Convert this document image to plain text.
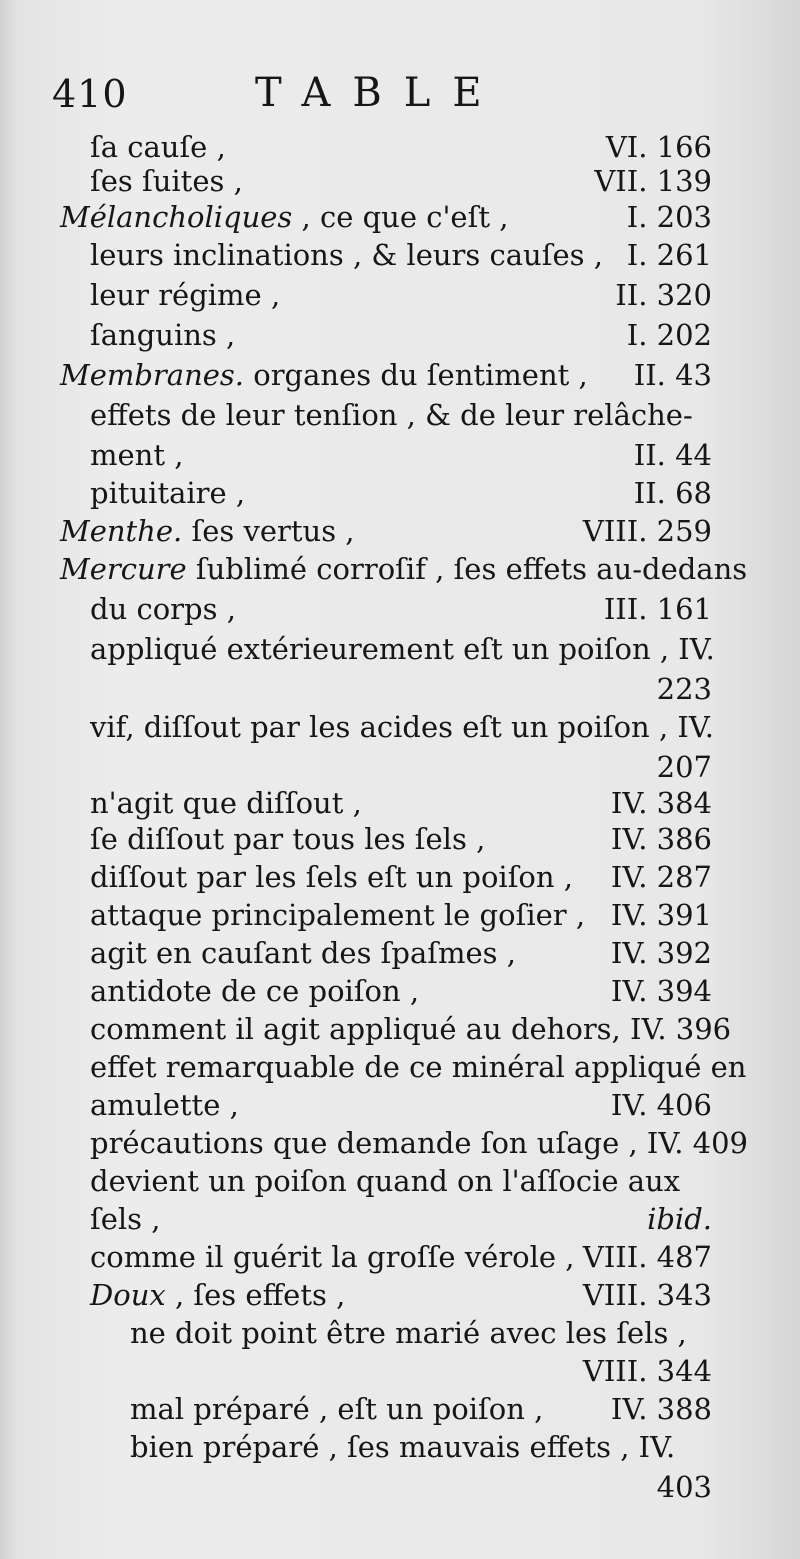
410	TABLE
ſa cauſe ,	VI. 166
ſes ſuites ,	VII. 139
Mélancholiques , ce que c'eſt ,	I. 203
leurs inclinations , & leurs cauſes , I. 261
leur régime ,	II. 320
ſanguins ,	I. 202
Membranes. organes du ſentiment , II. 43
effets de leur tenſion , & de leur relâche-
ment ,	II. 44
pituitaire ,	II. 68
Menthe. ſes vertus ,	VIII. 259
Mercure ſublimé corroſif , ſes effets au-dedans
du corps ,	III. 161
appliqué extérieurement eſt un poiſon , IV.
223
vif, diſſout par les acides eſt un poiſon , IV.
207
n'agit que diſſout ,	IV. 384
ſe diſſout par tous les ſels ,	IV. 386
diſſout par les ſels eſt un poiſon , IV. 287
attaque principalement le goſier , IV. 391
agit en cauſant des ſpaſmes ,	IV. 392
antidote de ce poiſon ,	IV. 394
comment il agit appliqué au dehors, IV. 396
effet remarquable de ce minéral appliqué en
amulette ,	IV. 406
précautions que demande ſon uſage , IV. 409
devient un poiſon quand on l'aſſocie aux
ſels ,	ibid.
comme il guérit la groſſe vérole , VIII. 487
Doux , ſes effets ,	VIII. 343
ne doit point être marié avec les ſels ,
VIII. 344
mal préparé , eſt un poiſon , IV. 388
bien préparé , ſes mauvais effets , IV.
403
